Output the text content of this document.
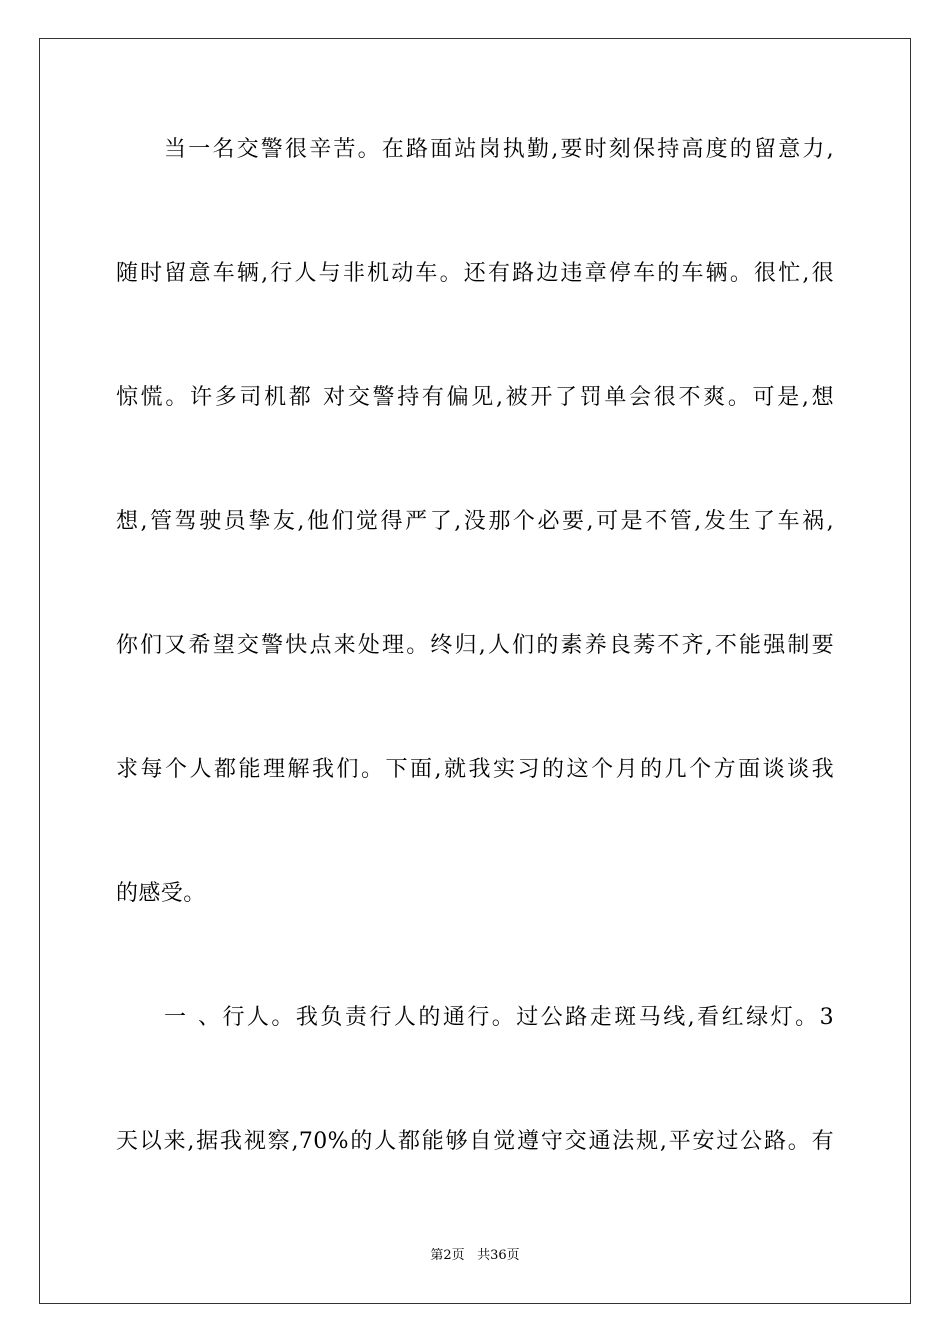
当一名交警很辛苦。在路面站岗执勤,要时刻保持高度的留意力,
随时留意车辆,行人与非机动车。还有路边违章停车的车辆。很忙,很
惊慌。许多司机都 对交警持有偏见,被开了罚单会很不爽。可是,想
想,管驾驶员挚友,他们觉得严了,没那个必要,可是不管,发生了车祸,
你们又希望交警快点来处理。终归,人们的素养良莠不齐,不能强制要
求每个人都能理解我们。下面,就我实习的这个月的几个方面谈谈我
的感受。
一 、行人。我负责行人的通行。过公路走斑马线,看红绿灯。3
天以来,据我视察,70%的人都能够自觉遵守交通法规,平安过公路。有
第2页 共36页
